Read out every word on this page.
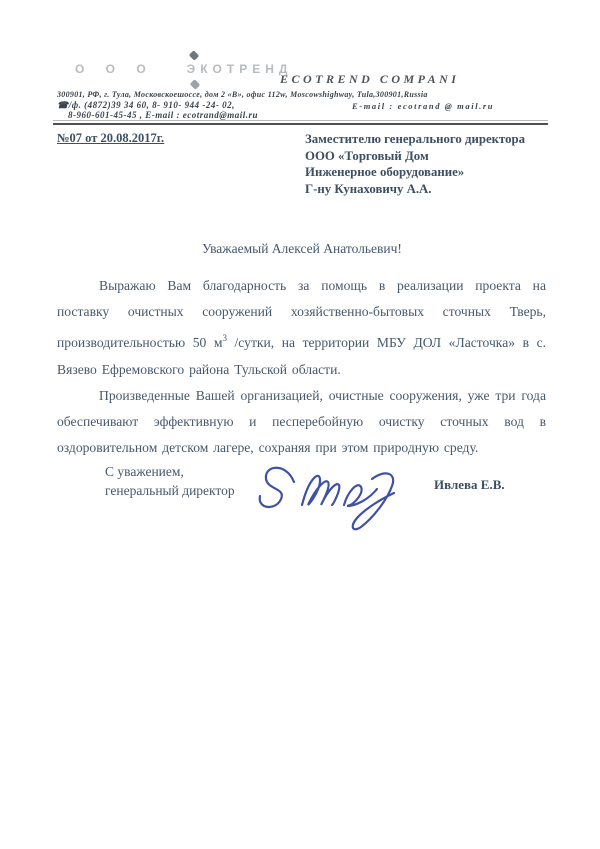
О О О	ЭКОТРЕНД
ECOTREND COMPANI
300901, РФ, г. Тула, Московскоешоссе, дом 2 «В», офис 112w, Moscowshighway, Tula,300901,Russia
☎/ф. (4872)39 34 60, 8- 910- 944 -24- 02,	E-mail : ecotrand @ mail.ru
8-960-601-45-45 , E-mail : ecotrand@mail.ru
№07 от 20.08.2017г.	Заместителю генерального директора
ООО «Торговый Дом
Инженерное оборудование»
Г-ну Кунаховичу А.А.
Уважаемый Алексей Анатольевич!

Выражаю Вам благодарность за помощь в реализации проекта на поставку очистных сооружений хозяйственно-бытовых сточных Тверь, производительностью 50 $м^3$ /сутки, на территории МБУ ДОЛ «Ласточка» в с. Вязево Ефремовского района Тульской области.

Произведенные Вашей организацией, очистные сооружения, уже три года обеспечивают эффективную и песперебойную очистку сточных вод в оздоровительном детском лагере, сохраняя при этом природную среду.

С уважением,
генеральный директор	Ивлева Е.В.
